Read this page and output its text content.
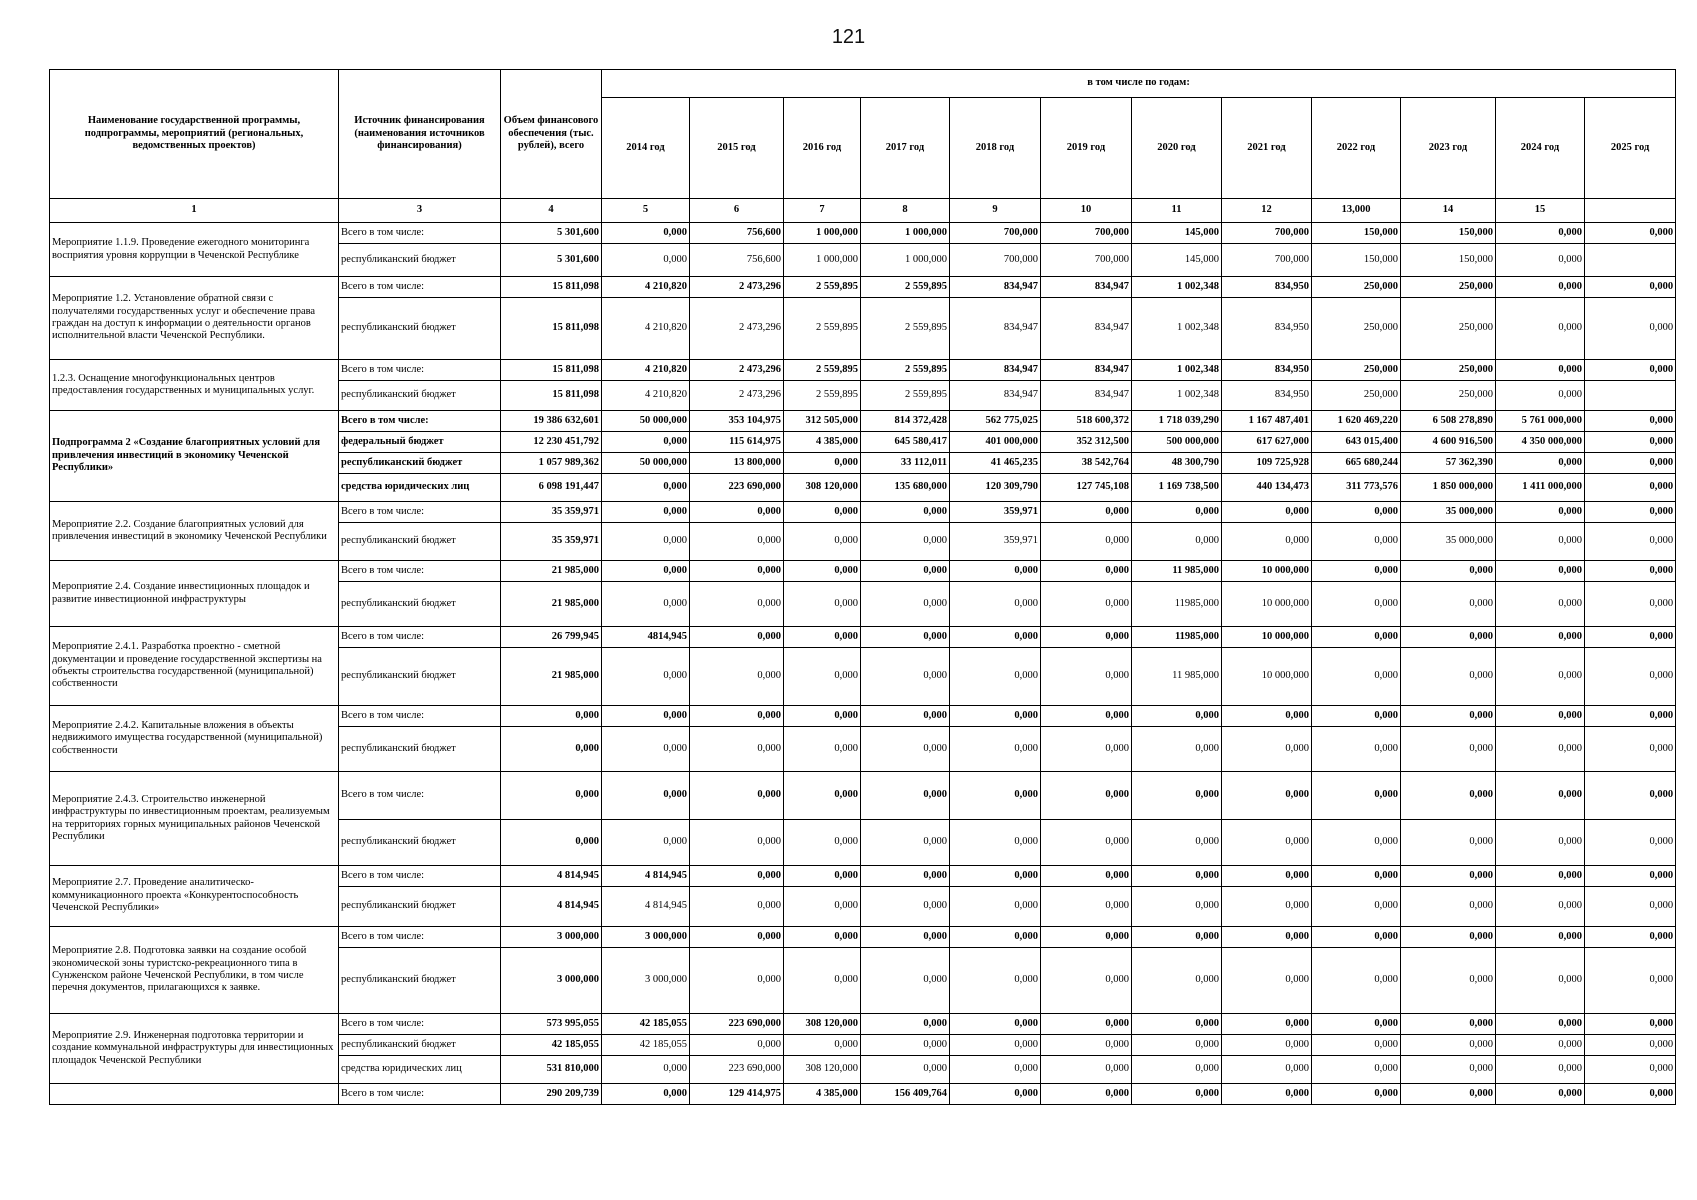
121
Наименование государственной программы, подпрограммы, мероприятий (региональных, ведомственных проектов)	Источник финансирования (наименования источников финансирования)	Объем финансового обеспечения (тыс. рублей), всего	в том числе по годам:											
			2014 год	2015 год	2016 год	2017 год	2018 год	2019 год	2020 год	2021 год	2022 год	2023 год	2024 год	2025 год
1	3	4	5	6	7	8	9	10	11	12	13,000	14	15	
Мероприятие 1.1.9. Проведение ежегодного мониторинга восприятия уровня коррупции в Чеченской Республике	Всего в том числе:	5 301,600	0,000	756,600	1 000,000	1 000,000	700,000	700,000	145,000	700,000	150,000	150,000	0,000	0,000
	республиканский бюджет	5 301,600	0,000	756,600	1 000,000	1 000,000	700,000	700,000	145,000	700,000	150,000	150,000	0,000	
Мероприятие 1.2. Установление обратной связи с получателями государственных услуг и обеспечение права граждан на доступ к информации о деятельности органов исполнительной власти Чеченской Республики.	Всего в том числе:	15 811,098	4 210,820	2 473,296	2 559,895	2 559,895	834,947	834,947	1 002,348	834,950	250,000	250,000	0,000	0,000
	республиканский бюджет	15 811,098	4 210,820	2 473,296	2 559,895	2 559,895	834,947	834,947	1 002,348	834,950	250,000	250,000	0,000	0,000
1.2.3. Оснащение многофункциональных центров предоставления государственных и муниципальных услуг.	Всего в том числе:	15 811,098	4 210,820	2 473,296	2 559,895	2 559,895	834,947	834,947	1 002,348	834,950	250,000	250,000	0,000	0,000
	республиканский бюджет	15 811,098	4 210,820	2 473,296	2 559,895	2 559,895	834,947	834,947	1 002,348	834,950	250,000	250,000	0,000	
Подпрограмма 2 «Создание благоприятных условий для привлечения инвестиций в экономику Чеченской Республики»	Всего в том числе:	19 386 632,601	50 000,000	353 104,975	312 505,000	814 372,428	562 775,025	518 600,372	1 718 039,290	1 167 487,401	1 620 469,220	6 508 278,890	5 761 000,000	0,000
	федеральный бюджет	12 230 451,792	0,000	115 614,975	4 385,000	645 580,417	401 000,000	352 312,500	500 000,000	617 627,000	643 015,400	4 600 916,500	4 350 000,000	0,000
	республиканский бюджет	1 057 989,362	50 000,000	13 800,000	0,000	33 112,011	41 465,235	38 542,764	48 300,790	109 725,928	665 680,244	57 362,390	0,000	0,000
	средства юридических лиц	6 098 191,447	0,000	223 690,000	308 120,000	135 680,000	120 309,790	127 745,108	1 169 738,500	440 134,473	311 773,576	1 850 000,000	1 411 000,000	0,000
Мероприятие 2.2. Создание благоприятных условий для привлечения инвестиций в экономику Чеченской Республики	Всего в том числе:	35 359,971	0,000	0,000	0,000	0,000	359,971	0,000	0,000	0,000	0,000	35 000,000	0,000	0,000
	республиканский бюджет	35 359,971	0,000	0,000	0,000	0,000	359,971	0,000	0,000	0,000	0,000	35 000,000	0,000	0,000
Мероприятие 2.4. Создание инвестиционных площадок и развитие инвестиционной инфраструктуры	Всего в том числе:	21 985,000	0,000	0,000	0,000	0,000	0,000	0,000	11 985,000	10 000,000	0,000	0,000	0,000	0,000
	республиканский бюджет	21 985,000	0,000	0,000	0,000	0,000	0,000	0,000	11985,000	10 000,000	0,000	0,000	0,000	0,000
Мероприятие 2.4.1. Разработка проектно - сметной документации и проведение государственной экспертизы на объекты строительства государственной (муниципальной) собственности	Всего в том числе:	26 799,945	4814,945	0,000	0,000	0,000	0,000	0,000	11985,000	10 000,000	0,000	0,000	0,000	0,000
	республиканский бюджет	21 985,000	0,000	0,000	0,000	0,000	0,000	0,000	11 985,000	10 000,000	0,000	0,000	0,000	0,000
Мероприятие 2.4.2. Капитальные вложения в объекты недвижимого имущества государственной (муниципальной) собственности	Всего в том числе:	0,000	0,000	0,000	0,000	0,000	0,000	0,000	0,000	0,000	0,000	0,000	0,000	0,000
	республиканский бюджет	0,000	0,000	0,000	0,000	0,000	0,000	0,000	0,000	0,000	0,000	0,000	0,000	0,000
Мероприятие 2.4.3. Строительство инженерной инфраструктуры по инвестиционным проектам, реализуемым на территориях горных муниципальных районов Чеченской Республики	Всего в том числе:	0,000	0,000	0,000	0,000	0,000	0,000	0,000	0,000	0,000	0,000	0,000	0,000	0,000
	республиканский бюджет	0,000	0,000	0,000	0,000	0,000	0,000	0,000	0,000	0,000	0,000	0,000	0,000	0,000
Мероприятие 2.7. Проведение аналитическо-коммуникационного проекта «Конкурентоспособность Чеченской Республики»	Всего в том числе:	4 814,945	4 814,945	0,000	0,000	0,000	0,000	0,000	0,000	0,000	0,000	0,000	0,000	0,000
	республиканский бюджет	4 814,945	4 814,945	0,000	0,000	0,000	0,000	0,000	0,000	0,000	0,000	0,000	0,000	0,000
Мероприятие 2.8. Подготовка заявки на создание особой экономической зоны туристско-рекреационного типа в Сунженском районе Чеченской Республики, в том числе перечня документов, прилагающихся к заявке.	Всего в том числе:	3 000,000	3 000,000	0,000	0,000	0,000	0,000	0,000	0,000	0,000	0,000	0,000	0,000	0,000
	республиканский бюджет	3 000,000	3 000,000	0,000	0,000	0,000	0,000	0,000	0,000	0,000	0,000	0,000	0,000	0,000
Мероприятие 2.9. Инженерная подготовка территории и создание коммунальной инфраструктуры для инвестиционных площадок Чеченской Республики	Всего в том числе:	573 995,055	42 185,055	223 690,000	308 120,000	0,000	0,000	0,000	0,000	0,000	0,000	0,000	0,000	0,000
	республиканский бюджет	42 185,055	42 185,055	0,000	0,000	0,000	0,000	0,000	0,000	0,000	0,000	0,000	0,000	0,000
	средства юридических лиц	531 810,000	0,000	223 690,000	308 120,000	0,000	0,000	0,000	0,000	0,000	0,000	0,000	0,000	0,000
	Всего в том числе:	290 209,739	0,000	129 414,975	4 385,000	156 409,764	0,000	0,000	0,000	0,000	0,000	0,000	0,000	0,000
